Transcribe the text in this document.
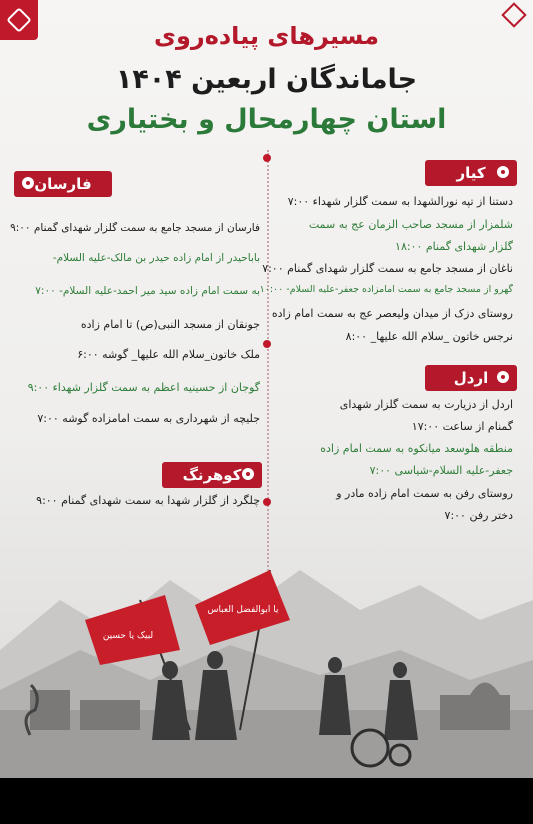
مسیرهای پیاده‌روی
جاماندگان اربعین ۱۴۰۴
استان چهارمحال و بختیاری
کیار
دستنا از تپه نورالشهدا به سمت گلزار شهداء ۷:۰۰
شلمزار از مسجد صاحب الزمان عج به سمت
گلزار شهدای گمنام ۱۸:۰۰
ناغان از مسجد جامع به سمت گلزار شهدای گمنام ۷:۰۰
گهرو از مسجد جامع به سمت امامزاده جعفر-علیه السلام- ۱۰:۰۰
روستای دزک از میدان ولیعصر عج به سمت امام زاده
نرجس خاتون _سلام الله علیها_ ۸:۰۰
اردل
اردل از دزیارت به سمت گلزار شهدای
گمنام از ساعت ۱۷:۰۰
منطقه هلوسعد میانکوه به سمت امام زاده
جعفر-علیه السلام-شیاسی ۷:۰۰
روستای رفن به سمت امام زاده مادر و
دختر رفن ۷:۰۰
فارسان
فارسان از مسجد جامع به سمت گلزار شهدای گمنام ۹:۰۰
باباحیدر از امام زاده حیدر بن مالک-علیه السلام-
به سمت امام زاده سید میر احمد-علیه السلام- ۷:۰۰
جونقان از مسجد النبی(ص) تا امام زاده
ملک خاتون_سلام الله علیها_ گوشه ۶:۰۰
گوجان از حسینیه اعظم به سمت گلزار شهداء ۹:۰۰
جلیچه از شهرداری به سمت امامزاده گوشه ۷:۰۰
کوهرنگ
چلگرد از گلزار شهدا به سمت شهدای گمنام ۹:۰۰
لبیک یا حسین
یا ابوالفضل العباس
